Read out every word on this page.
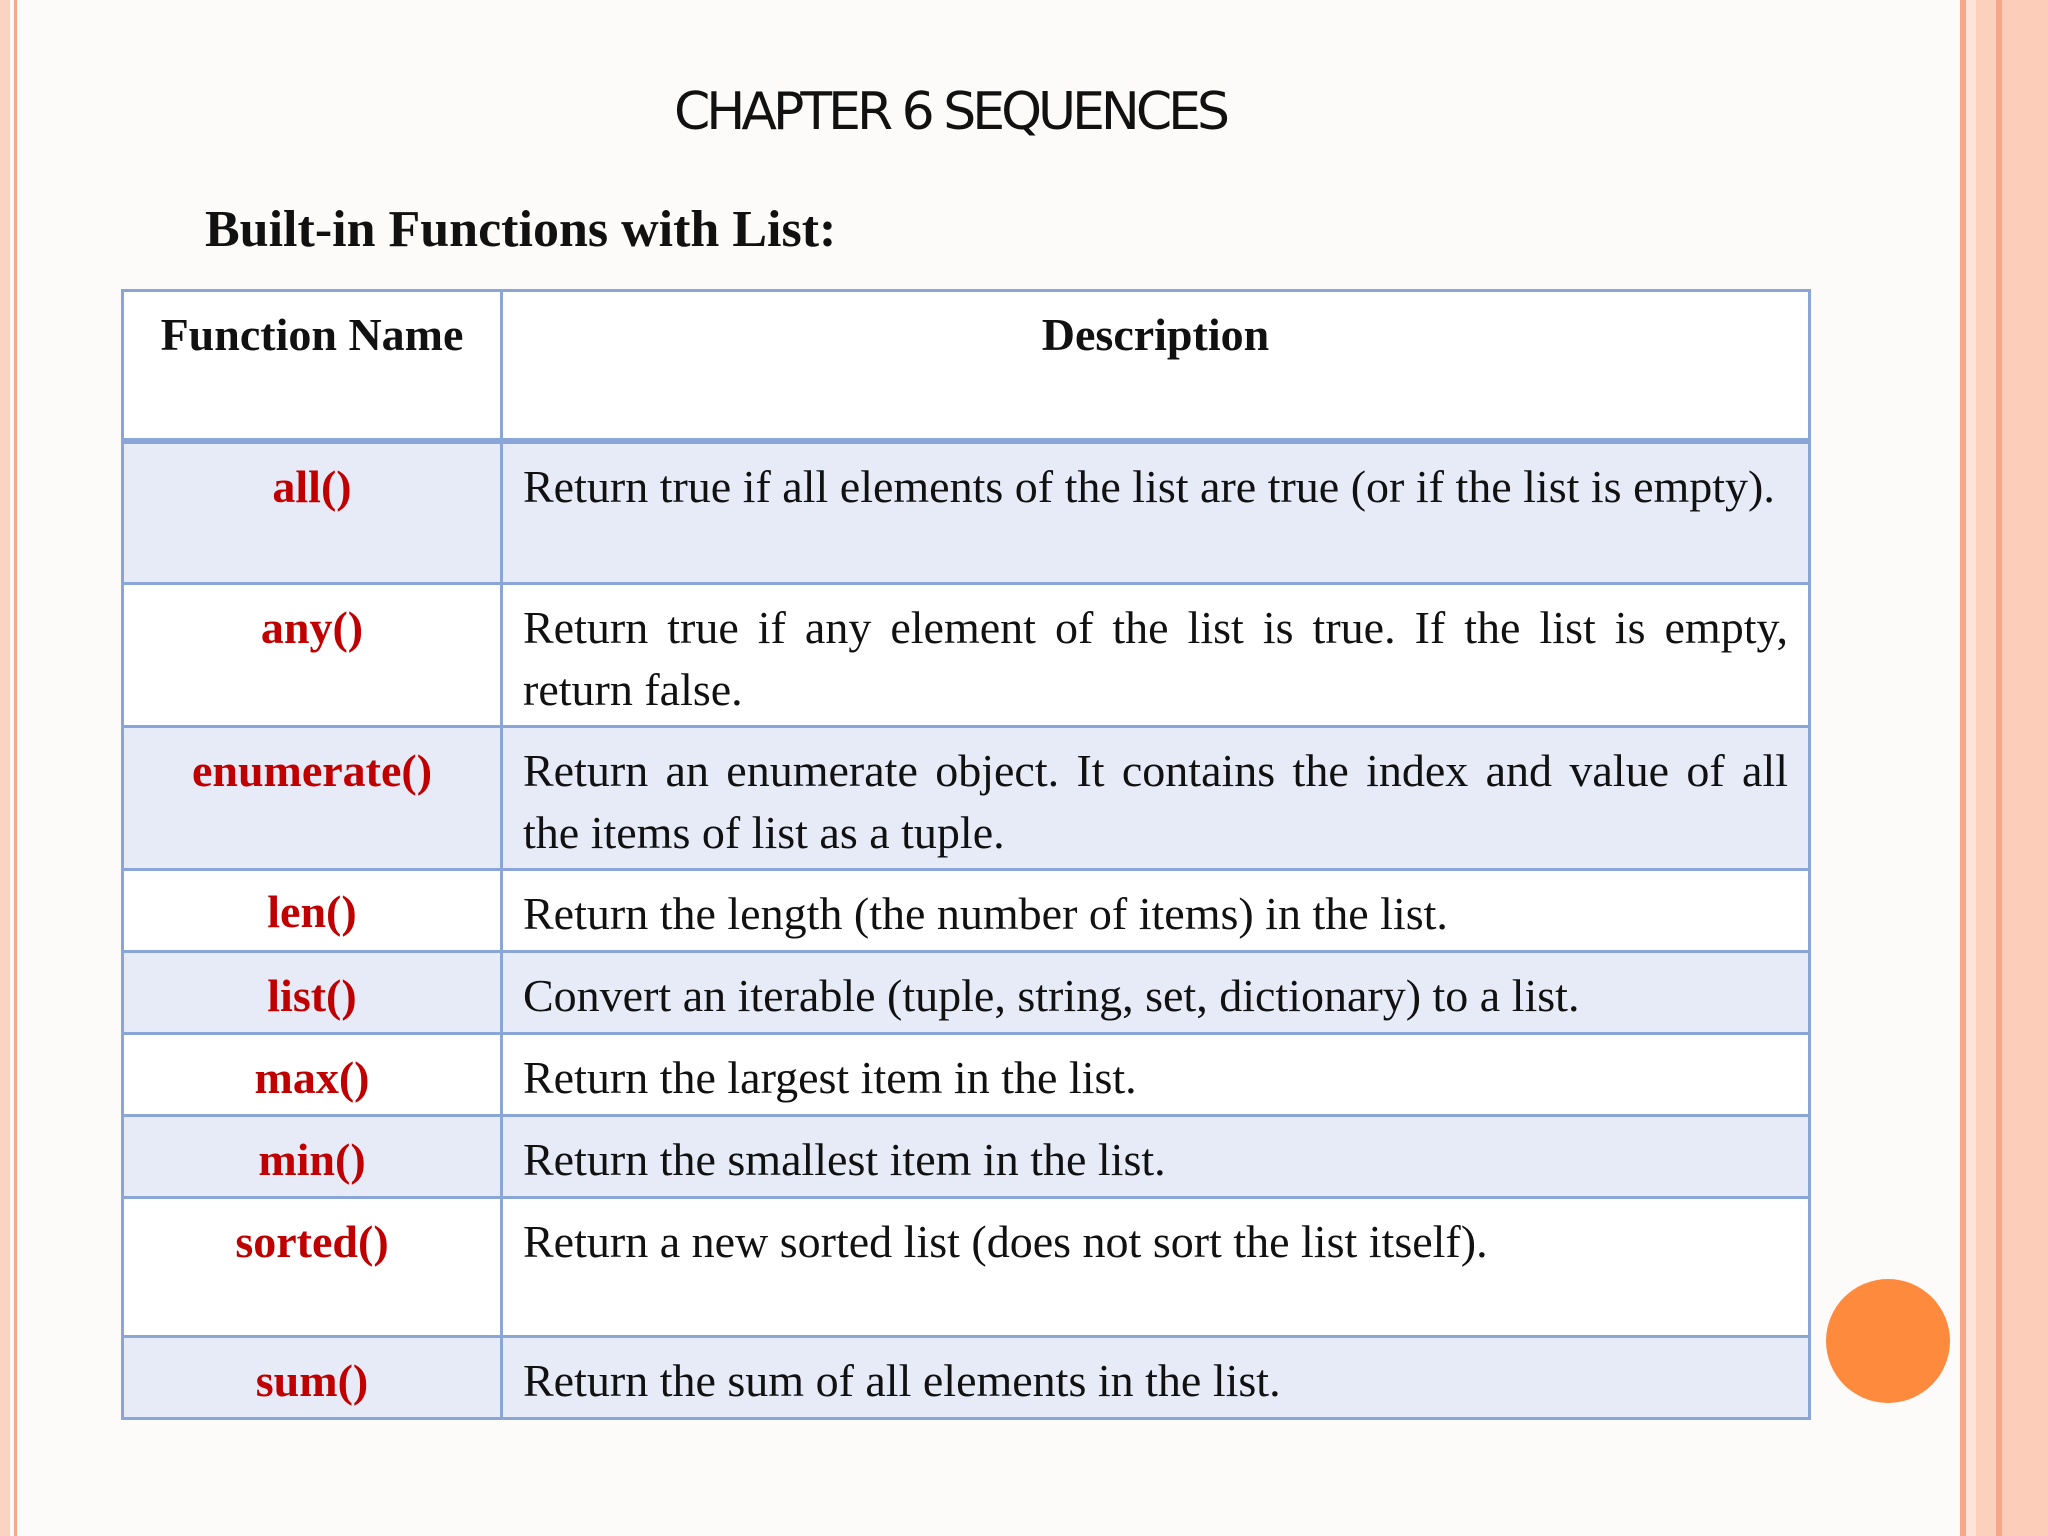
CHAPTER 6 SEQUENCES
Built-in Functions with List:
Function Name	Description
all()	Return true if all elements of the list are true (or if the list is empty).
any()	Return true if any element of the list is true. If the list is empty, return false.
enumerate()	Return an enumerate object. It contains the index and value of all the items of list as a tuple.
len()	Return the length (the number of items) in the list.
list()	Convert an iterable (tuple, string, set, dictionary) to a list.
max()	Return the largest item in the list.
min()	Return the smallest item in the list.
sorted()	Return a new sorted list (does not sort the list itself).
sum()	Return the sum of all elements in the list.
